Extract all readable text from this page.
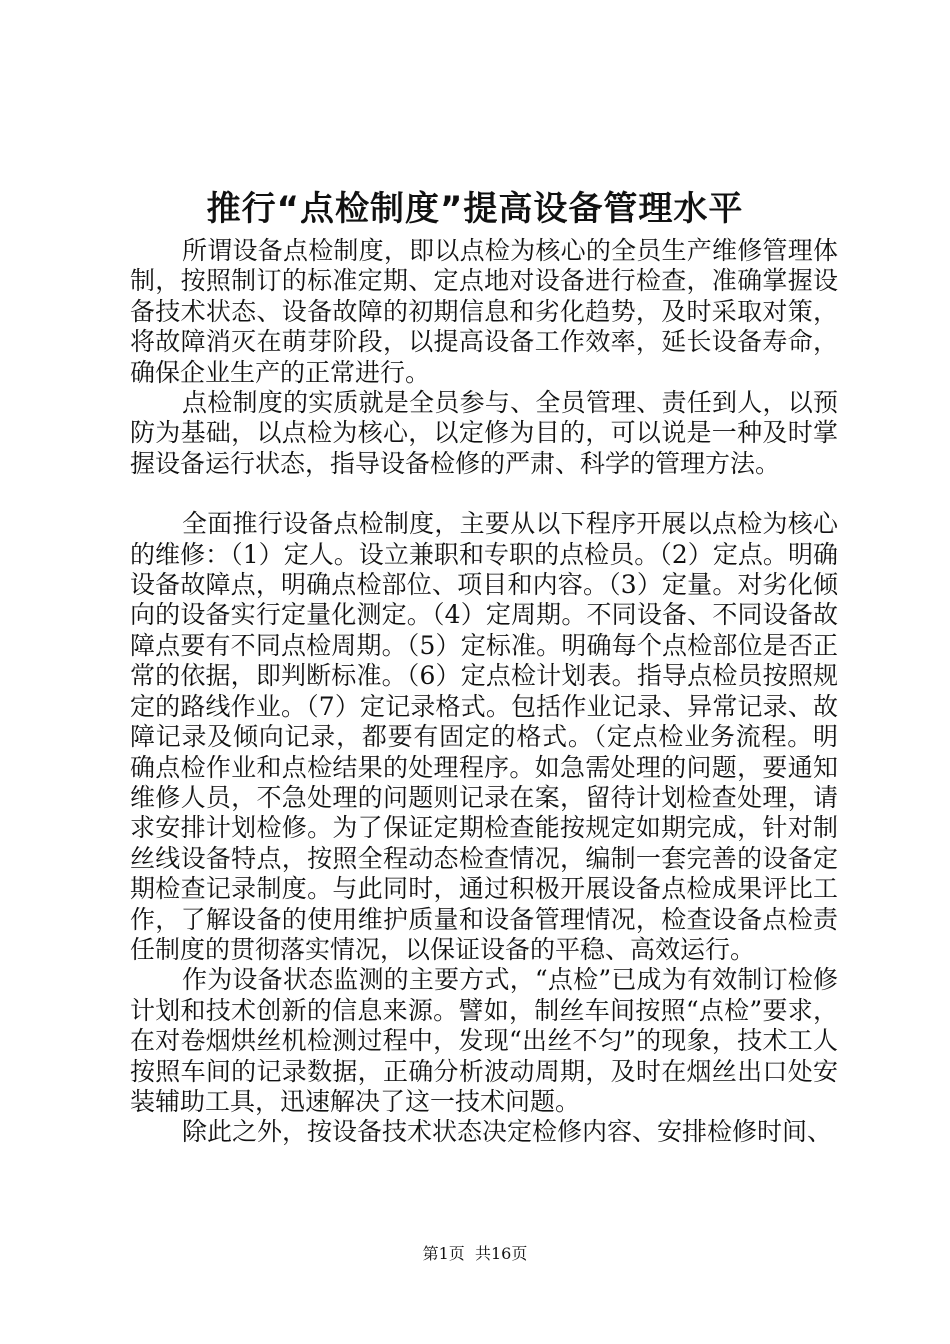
推行“点检制度”提高设备管理水平

所谓设备点检制度，即以点检为核心的全员生产维修管理体制，按照制订的标准定期、定点地对设备进行检查，准确掌握设备技术状态、设备故障的初期信息和劣化趋势，及时采取对策，将故障消灭在萌芽阶段，以提高设备工作效率，延长设备寿命，确保企业生产的正常进行。

点检制度的实质就是全员参与、全员管理、责任到人，以预防为基础，以点检为核心，以定修为目的，可以说是一种及时掌握设备运行状态，指导设备检修的严肃、科学的管理方法。

全面推行设备点检制度，主要从以下程序开展以点检为核心的维修：（1）定人。设立兼职和专职的点检员。（2）定点。明确设备故障点，明确点检部位、项目和内容。（3）定量。对劣化倾向的设备实行定量化测定。（4）定周期。不同设备、不同设备故障点要有不同点检周期。（5）定标准。明确每个点检部位是否正常的依据，即判断标准。（6）定点检计划表。指导点检员按照规定的路线作业。（7）定记录格式。包括作业记录、异常记录、故障记录及倾向记录，都要有固定的格式。（定点检业务流程。明确点检作业和点检结果的处理程序。如急需处理的问题，要通知维修人员，不急处理的问题则记录在案，留待计划检查处理，请求安排计划检修。为了保证定期检查能按规定如期完成，针对制丝线设备特点，按照全程动态检查情况，编制一套完善的设备定期检查记录制度。与此同时，通过积极开展设备点检成果评比工作，了解设备的使用维护质量和设备管理情况，检查设备点检责任制度的贯彻落实情况，以保证设备的平稳、高效运行。

作为设备状态监测的主要方式，“点检”已成为有效制订检修计划和技术创新的信息来源。譬如，制丝车间按照“点检”要求，在对卷烟烘丝机检测过程中，发现“出丝不匀”的现象，技术工人按照车间的记录数据，正确分析波动周期，及时在烟丝出口处安装辅助工具，迅速解决了这一技术问题。

除此之外，按设备技术状态决定检修内容、安排检修时间、

第1页 共16页
